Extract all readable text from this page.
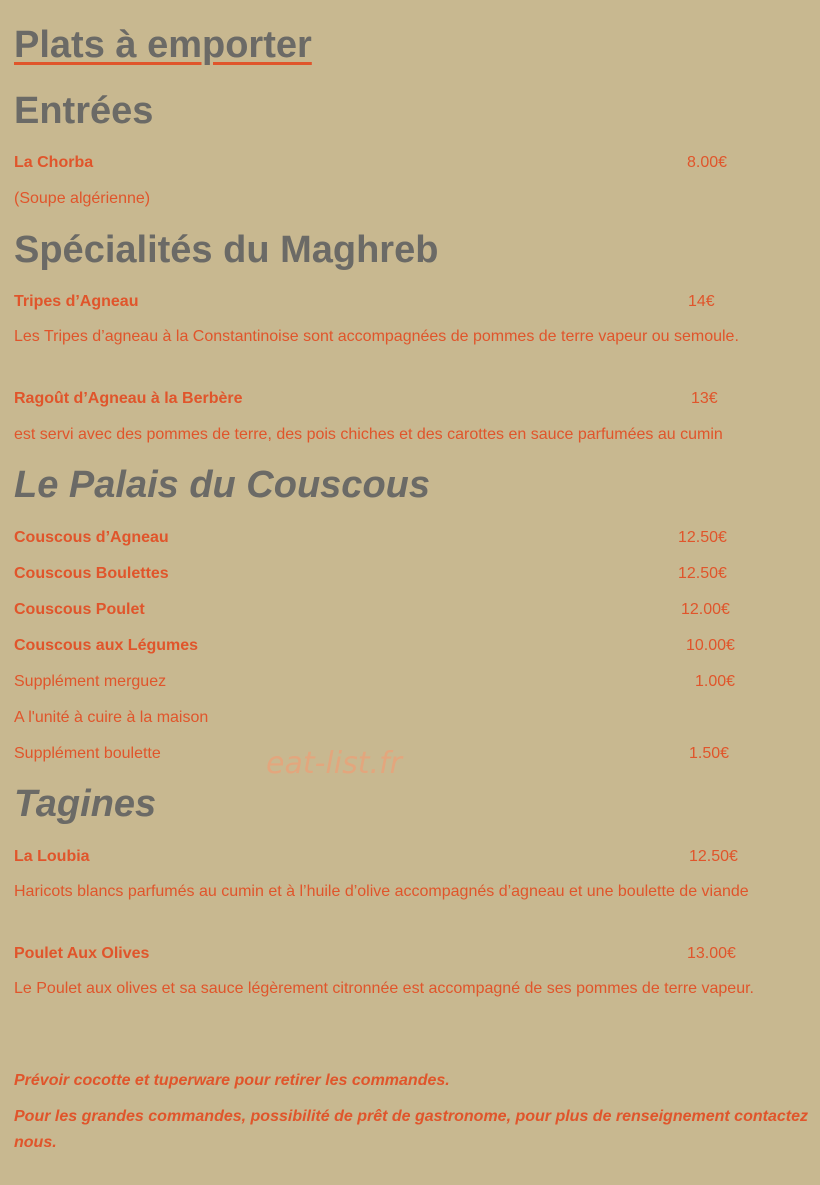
Plats à emporter
Entrées
La Chorba	8.00€
(Soupe algérienne)
Spécialités du Maghreb
Tripes d’Agneau	14€
Les Tripes d’agneau à la Constantinoise sont accompagnées de pommes de terre vapeur ou semoule.
Ragoût d’Agneau à la Berbère	13€
est servi avec des pommes de terre, des pois chiches et des carottes en sauce parfumées au cumin
Le Palais du Couscous
Couscous d’Agneau	12.50€
Couscous Boulettes	12.50€
Couscous Poulet	12.00€
Couscous aux Légumes	10.00€
Supplément merguez	1.00€
A l'unité à cuire à la maison
Supplément boulette	1.50€
Tagines
La Loubia	12.50€
Haricots blancs parfumés au cumin et à l’huile d’olive accompagnés d’agneau et une boulette de viande
Poulet Aux Olives	13.00€
Le Poulet aux olives et sa sauce légèrement citronnée est accompagné de ses pommes de terre vapeur.
Prévoir cocotte et tuperware pour retirer les commandes.
Pour les grandes commandes, possibilité de prêt de gastronome, pour plus de renseignement contactez nous.
eat-list.fr
